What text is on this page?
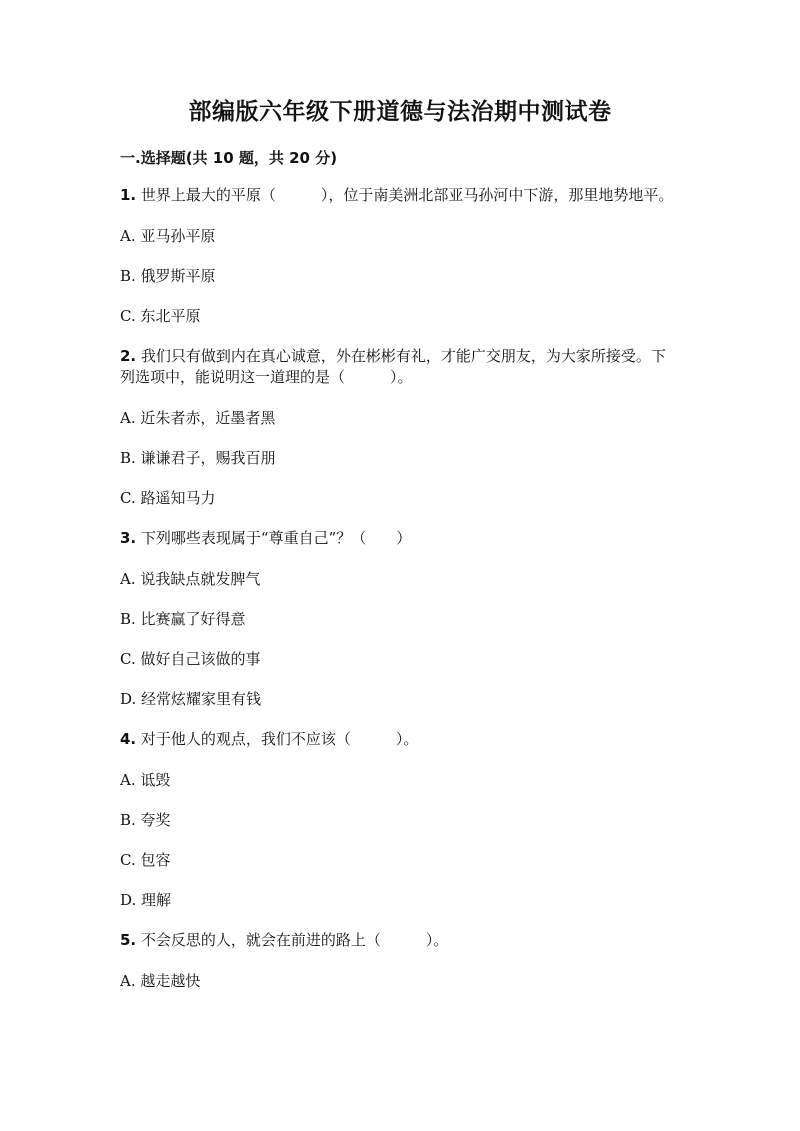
部编版六年级下册道德与法治期中测试卷
一.选择题(共 10 题，共 20 分)

1. 世界上最大的平原（　　　），位于南美洲北部亚马孙河中下游，那里地势地平。

A. 亚马孙平原

B. 俄罗斯平原

C. 东北平原

2. 我们只有做到内在真心诚意，外在彬彬有礼，才能广交朋友，为大家所接受。下列选项中，能说明这一道理的是（　　　）。

A. 近朱者赤，近墨者黑

B. 谦谦君子，赐我百朋

C. 路遥知马力

3. 下列哪些表现属于“尊重自己”？（　　）

A. 说我缺点就发脾气

B. 比赛赢了好得意

C. 做好自己该做的事

D. 经常炫耀家里有钱

4. 对于他人的观点，我们不应该（　　　）。

A. 诋毁

B. 夸奖

C. 包容

D. 理解

5. 不会反思的人，就会在前进的路上（　　　）。

A. 越走越快
